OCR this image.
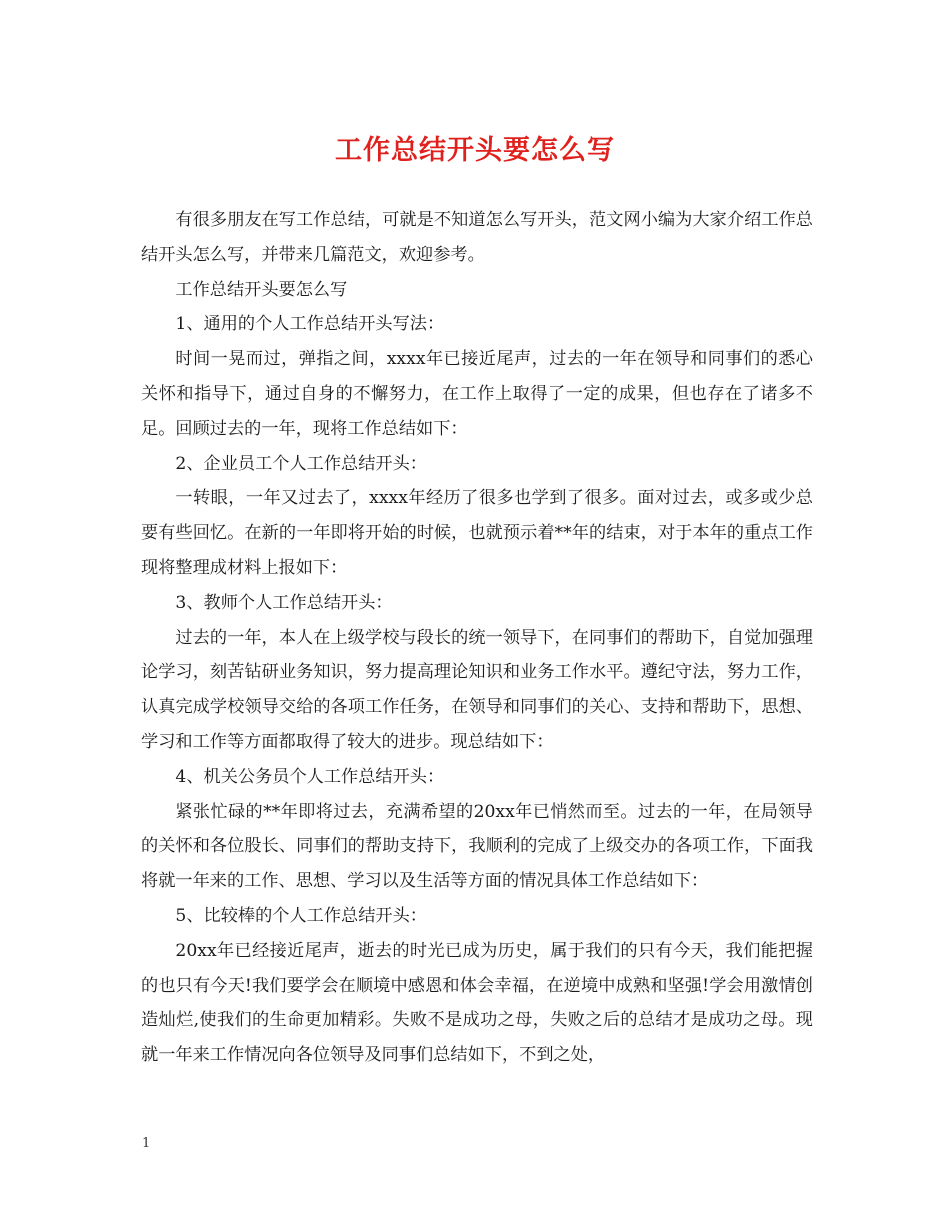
工作总结开头要怎么写

有很多朋友在写工作总结，可就是不知道怎么写开头，范文网小编为大家介绍工作总结开头怎么写，并带来几篇范文，欢迎参考。

工作总结开头要怎么写

1、通用的个人工作总结开头写法：

时间一晃而过，弹指之间，xxxx年已接近尾声，过去的一年在领导和同事们的悉心关怀和指导下，通过自身的不懈努力，在工作上取得了一定的成果，但也存在了诸多不足。回顾过去的一年，现将工作总结如下：

2、企业员工个人工作总结开头：

一转眼，一年又过去了，xxxx年经历了很多也学到了很多。面对过去，或多或少总要有些回忆。在新的一年即将开始的时候，也就预示着**年的结束，对于本年的重点工作现将整理成材料上报如下：

3、教师个人工作总结开头：

过去的一年，本人在上级学校与段长的统一领导下，在同事们的帮助下，自觉加强理论学习，刻苦钻研业务知识，努力提高理论知识和业务工作水平。遵纪守法，努力工作，认真完成学校领导交给的各项工作任务，在领导和同事们的关心、支持和帮助下，思想、学习和工作等方面都取得了较大的进步。现总结如下：

4、机关公务员个人工作总结开头：

紧张忙碌的**年即将过去，充满希望的20xx年已悄然而至。过去的一年，在局领导的关怀和各位股长、同事们的帮助支持下，我顺利的完成了上级交办的各项工作，下面我将就一年来的工作、思想、学习以及生活等方面的情况具体工作总结如下：

5、比较棒的个人工作总结开头：

20xx年已经接近尾声，逝去的时光已成为历史，属于我们的只有今天，我们能把握的也只有今天!我们要学会在顺境中感恩和体会幸福，在逆境中成熟和坚强!学会用激情创造灿烂,使我们的生命更加精彩。失败不是成功之母，失败之后的总结才是成功之母。现就一年来工作情况向各位领导及同事们总结如下，不到之处，

1
